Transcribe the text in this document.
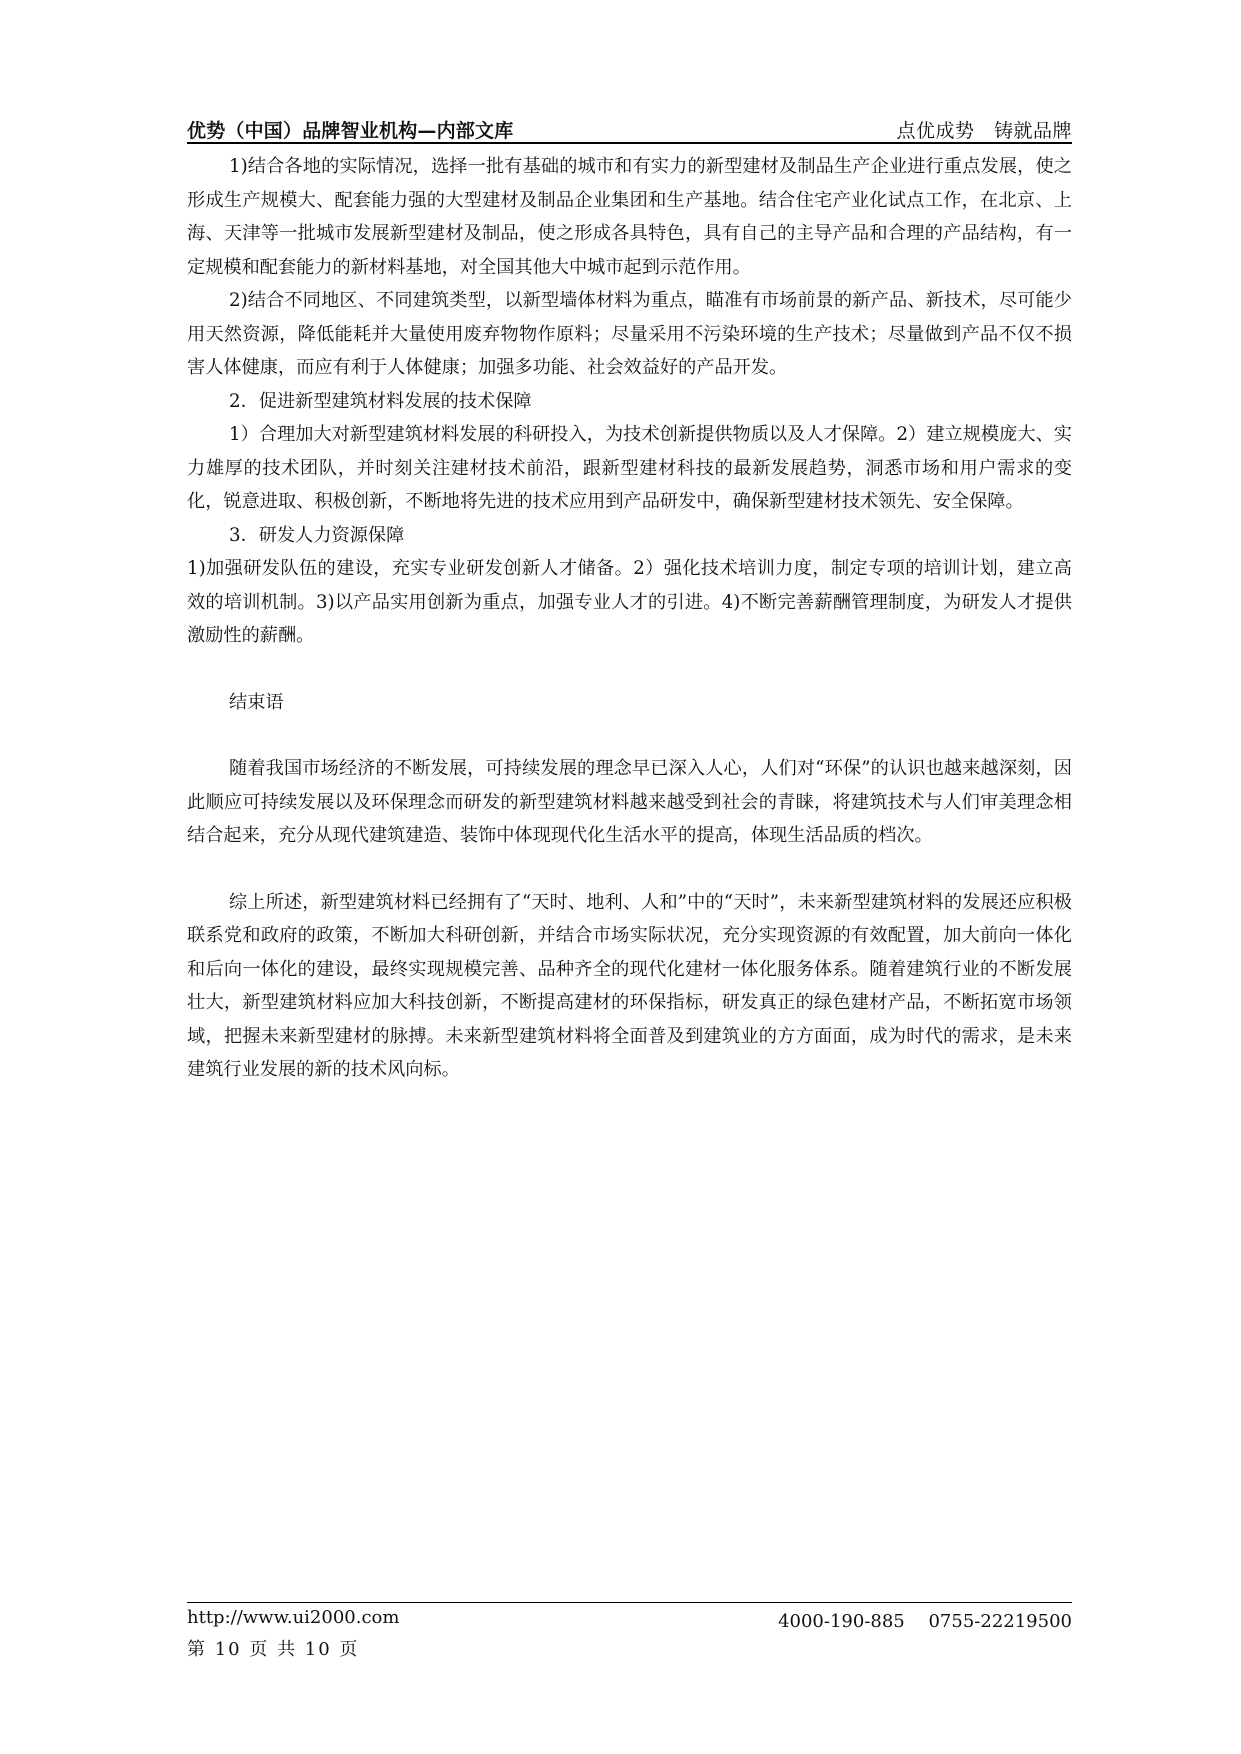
优势（中国）品牌智业机构—内部文库	点优成势　铸就品牌

1)结合各地的实际情况，选择一批有基础的城市和有实力的新型建材及制品生产企业进行重点发展，使之形成生产规模大、配套能力强的大型建材及制品企业集团和生产基地。结合住宅产业化试点工作，在北京、上海、天津等一批城市发展新型建材及制品，使之形成各具特色，具有自己的主导产品和合理的产品结构，有一定规模和配套能力的新材料基地，对全国其他大中城市起到示范作用。

2)结合不同地区、不同建筑类型，以新型墙体材料为重点，瞄准有市场前景的新产品、新技术，尽可能少用天然资源，降低能耗并大量使用废弃物物作原料；尽量采用不污染环境的生产技术；尽量做到产品不仅不损害人体健康，而应有利于人体健康；加强多功能、社会效益好的产品开发。

2．促进新型建筑材料发展的技术保障

1）合理加大对新型建筑材料发展的科研投入，为技术创新提供物质以及人才保障。2）建立规模庞大、实力雄厚的技术团队，并时刻关注建材技术前沿，跟新型建材科技的最新发展趋势，洞悉市场和用户需求的变化，锐意进取、积极创新，不断地将先进的技术应用到产品研发中，确保新型建材技术领先、安全保障。

3．研发人力资源保障

1)加强研发队伍的建设，充实专业研发创新人才储备。2）强化技术培训力度，制定专项的培训计划，建立高效的培训机制。3)以产品实用创新为重点，加强专业人才的引进。4)不断完善薪酬管理制度，为研发人才提供激励性的薪酬。

结束语

随着我国市场经济的不断发展，可持续发展的理念早已深入人心，人们对“环保”的认识也越来越深刻，因此顺应可持续发展以及环保理念而研发的新型建筑材料越来越受到社会的青睐，将建筑技术与人们审美理念相结合起来，充分从现代建筑建造、装饰中体现现代化生活水平的提高，体现生活品质的档次。

综上所述，新型建筑材料已经拥有了“天时、地利、人和”中的“天时”，未来新型建筑材料的发展还应积极联系党和政府的政策，不断加大科研创新，并结合市场实际状况，充分实现资源的有效配置，加大前向一体化和后向一体化的建设，最终实现规模完善、品种齐全的现代化建材一体化服务体系。随着建筑行业的不断发展壮大，新型建筑材料应加大科技创新，不断提高建材的环保指标，研发真正的绿色建材产品，不断拓宽市场领域，把握未来新型建材的脉搏。未来新型建筑材料将全面普及到建筑业的方方面面，成为时代的需求，是未来建筑行业发展的新的技术风向标。

http://www.ui2000.com	4000-190-885　 0755-22219500
第 10 页 共 10 页
